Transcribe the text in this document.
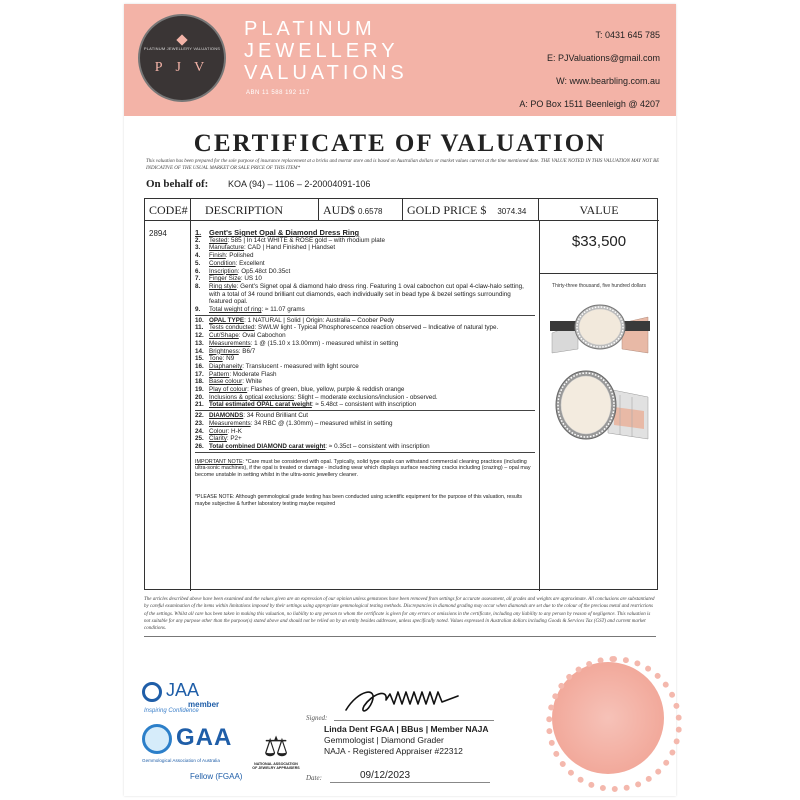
PLATINUM JEWELLERY VALUATIONS
P J V
PLATINUM
JEWELLERY
VALUATIONS
ABN 11 588 192 117
T: 0431 645 785
E: PJValuations@gmail.com
W: www.bearbling.com.au
A: PO Box 1511 Beenleigh @ 4207
CERTIFICATE OF VALUATION
This valuation has been prepared for the sole purpose of insurance replacement at a bricks and mortar store and is based on Australian dollars or market values current at the time mentioned date. THE VALUE NOTED IN THIS VALUATION MAY NOT BE INDICATIVE OF THE USUAL MARKET OR SALE PRICE OF THIS ITEM*
On behalf of: KOA (94) – 1106 – 2-20004091-106
CODE#	DESCRIPTION	AUD$ 0.6578	GOLD PRICE $ 3074.34	VALUE
2894	1.	Gent's Signet Opal & Diamond Dress Ring
2.	Tested: 585 | In 14ct WHITE & ROSE gold – with rhodium plate
3.	Manufacture: CAD | Hand Finished | Handset
4.	Finish: Polished
5.	Condition: Excellent
6.	Inscription: Op5.48ct D0.35ct
7.	Finger Size: US 10
8.	Ring style: Gent's Signet opal & diamond halo dress ring. Featuring 1 oval cabochon cut opal 4-claw-halo setting, with a total of 34 round brilliant cut diamonds, each individually set in bead type & bezel settings surrounding featured opal.
9.	Total weight of ring: ≈ 11.07 grams
10. OPAL TYPE: 1 NATURAL | Solid | Origin: Australia – Coober Pedy
11. Tests conducted: SW/LW light - Typical Phosphorescence reaction observed – Indicative of natural type.
12. Cut/Shape: Oval Cabochon
13. Measurements: 1 @ (15.10 x 13.00mm) - measured whilst in setting
14. Brightness: B6/7
15. Tone: N9
16. Diaphaneity: Translucent - measured with light source
17. Pattern: Moderate Flash
18. Base colour: White
19. Play of colour: Flashes of green, blue, yellow, purple & reddish orange
20. Inclusions & optical exclusions: Slight – moderate exclusions/inclusion - observed.
21. Total estimated OPAL carat weight: ≈ 5.48ct – consistent with inscription
22. DIAMONDS: 34 Round Brilliant Cut
23. Measurements: 34 RBC @ (1.30mm) – measured whilst in setting
24. Colour: H-K
25. Clarity: P2+
26. Total combined DIAMOND carat weight: ≈ 0.35ct – consistent with inscription
IMPORTANT NOTE: *Care must be considered with opal. Typically, solid type opals can withstand commercial cleaning practices (including ultra-sonic machines), if the opal is treated or damage - including wear which displays surface reaching cracks including (crazing) – opal may become unstable in setting whilst in the ultra-sonic jewellery cleaner.
*PLEASE NOTE: Although gemmological grade testing has been conducted using scientific equipment for the purpose of this valuation, results maybe subjective & further laboratory testing maybe required
$33,500
Thirty-three thousand, five hundred dollars
The articles described above have been examined and the values given are an expression of our opinion unless gemstones have been removed from settings for accurate assessment, all grades and weights are approximate. All conclusions are substantiated by careful examination of the items within limitations imposed by their settings using appropriate gemmological testing methods. Discrepancies in diamond grading may occur when diamonds are set due to the colour of the precious metal and restrictions of the settings. Whilst all care has been taken in making this valuation, no liability to any person to whom the certificate is given for any errors or omissions in the certificate, including any liability to any person by reason of negligence. This valuation is not suitable for any purpose other than the purpose(s) stated above and should not be relied on by an entity besides addressee, unless specifically noted. Values expressed in Australian dollars including Goods & Services Tax (GST) and current market conditions.
JAA
member
Inspiring Confidence
GAA
Gemmological Association of Australia
Fellow (FGAA)
⚖
NATIONAL ASSOCIATION OF JEWELRY APPRAISERS
Signed:
Linda Dent FGAA | BBus | Member NAJA
Gemmologist | Diamond Grader
NAJA - Registered Appraiser #22312
Date:	09/12/2023
